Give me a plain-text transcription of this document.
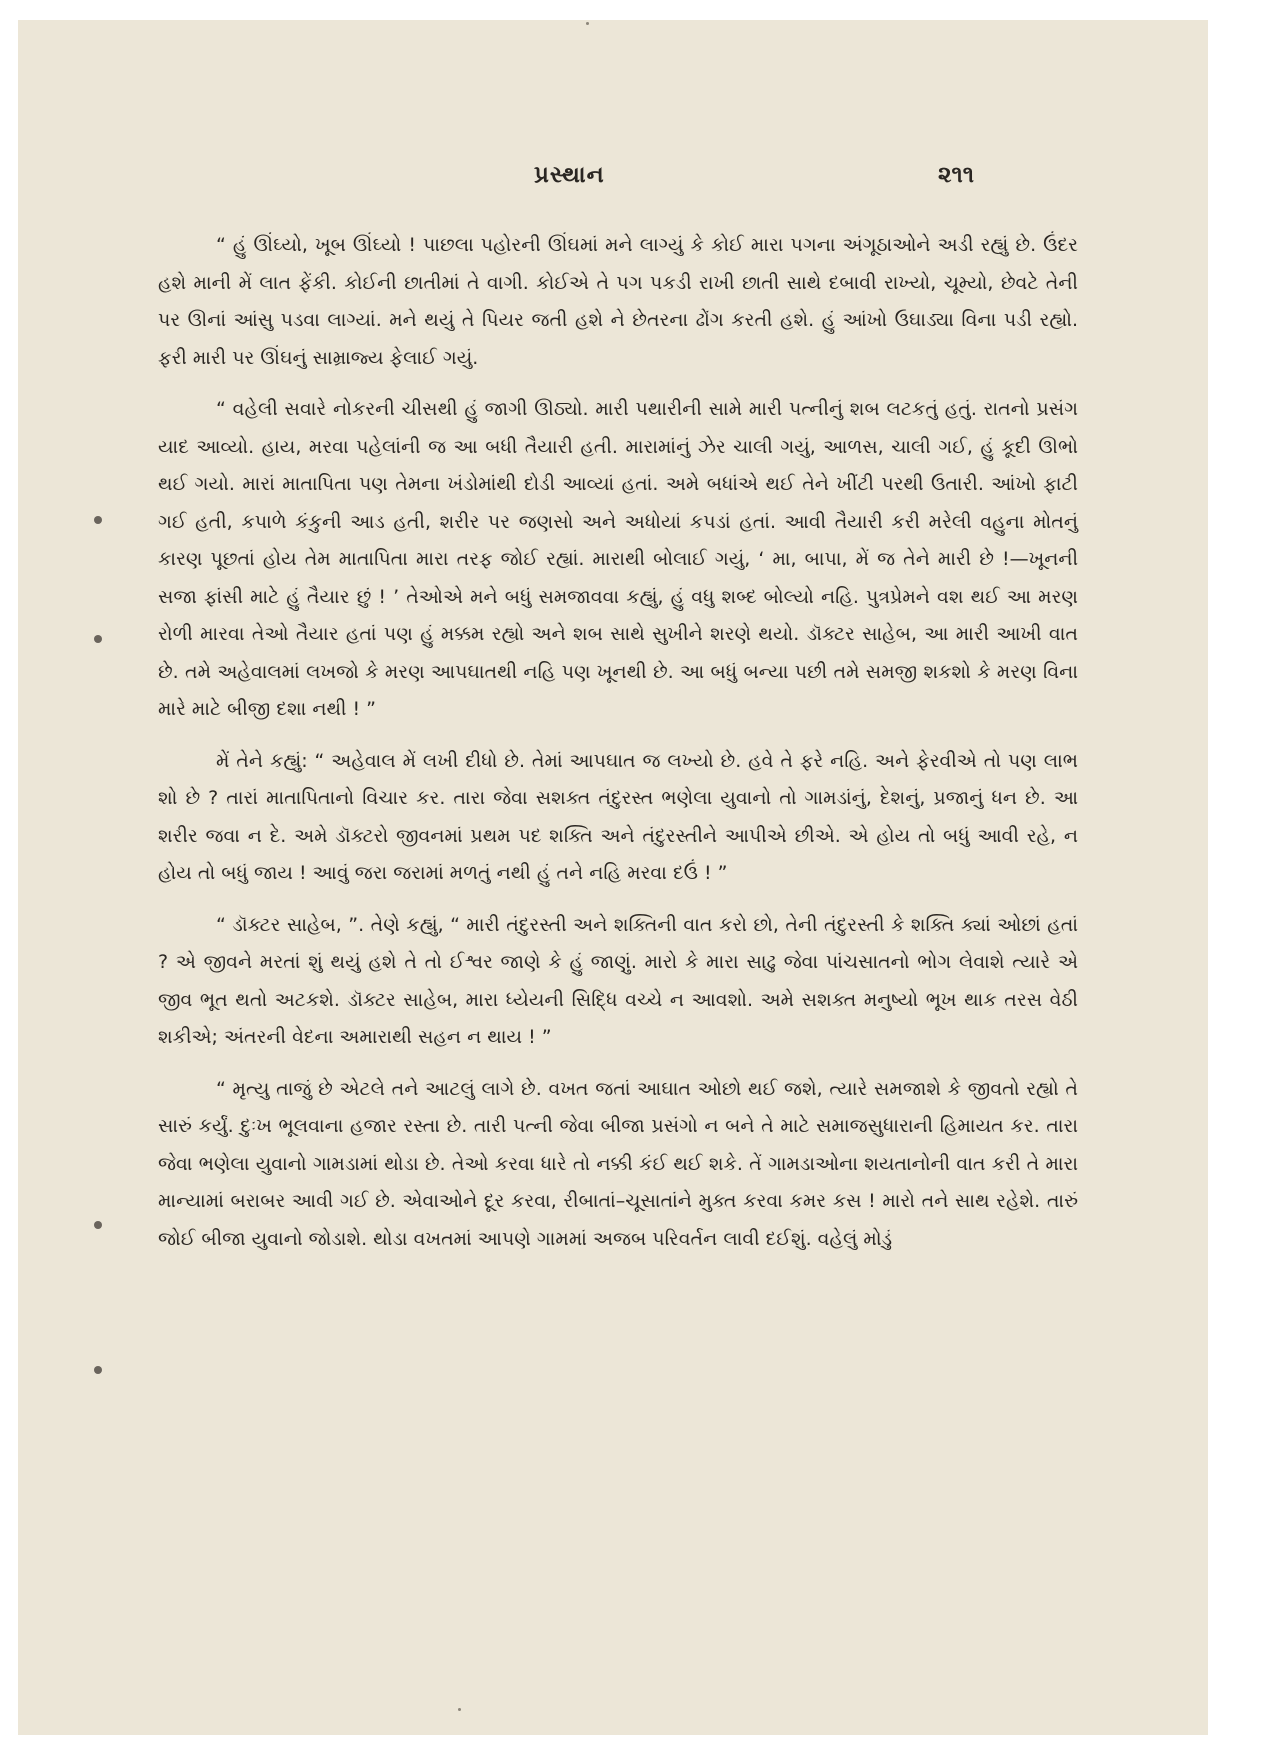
પ્રસ્થાન	૨૧૧

“ હું ઊંઘ્યો, ખૂબ ઊંઘ્યો ! પાછલા પહોરની ઊંઘમાં મને લાગ્યું કે કોઈ મારા પગના અંગૂઠાઓને અડી રહ્યું છે. ઉંદર હશે માની મેં લાત ફેંકી. કોઈની છાતીમાં તે વાગી. કોઈએ તે પગ પકડી રાખી છાતી સાથે દબાવી રાખ્યો, ચૂમ્યો, છેવટે તેની પર ઊનાં આંસુ પડવા લાગ્યાં. મને થયું તે પિયર જતી હશે ને છેતરના ઢોંગ કરતી હશે. હું આંખો ઉઘાડ્યા વિના પડી રહ્યો. ફરી મારી પર ઊંઘનું સામ્રાજ્ય ફેલાઈ ગયું.

“ વહેલી સવારે નોકરની ચીસથી હું જાગી ઊઠ્યો. મારી પથારીની સામે મારી પત્નીનું શબ લટકતું હતું. રાતનો પ્રસંગ યાદ આવ્યો. હાય, મરવા પહેલાંની જ આ બધી તૈયારી હતી. મારામાંનું ઝેર ચાલી ગયું, આળસ, ચાલી ગઈ, હું કૂદી ઊભો થઈ ગયો. મારાં માતાપિતા પણ તેમના ખંડોમાંથી દોડી આવ્યાં હતાં. અમે બધાંએ થઈ તેને ખીંટી પરથી ઉતારી. આંખો ફાટી ગઈ હતી, કપાળે કંકુની આડ હતી, શરીર પર જણસો અને અધોયાં કપડાં હતાં. આવી તૈયારી કરી મરેલી વહુના મોતનું કારણ પૂછતાં હોય તેમ માતાપિતા મારા તરફ જોઈ રહ્યાં. મારાથી બોલાઈ ગયું, ‘ મા, બાપા, મેં જ તેને મારી છે !—ખૂનની સજા ફાંસી માટે હું તૈયાર છું ! ’ તેઓએ મને બધું સમજાવવા કહ્યું, હું વધુ શબ્દ બોલ્યો નહિ. પુત્રપ્રેમને વશ થઈ આ મરણ રોળી મારવા તેઓ તૈયાર હતાં પણ હું મક્કમ રહ્યો અને શબ સાથે સુખીને શરણે થયો. ડૉક્ટર સાહેબ, આ મારી આખી વાત છે. તમે અહેવાલમાં લખજો કે મરણ આપઘાતથી નહિ પણ ખૂનથી છે. આ બધું બન્યા પછી તમે સમજી શકશો કે મરણ વિના મારે માટે બીજી દશા નથી ! ”

મેં તેને કહ્યું: “ અહેવાલ મેં લખી દીધો છે. તેમાં આપઘાત જ લખ્યો છે. હવે તે ફરે નહિ. અને ફેરવીએ તો પણ લાભ શો છે ? તારાં માતાપિતાનો વિચાર કર. તારા જેવા સશક્ત તંદુરસ્ત ભણેલા યુવાનો તો ગામડાંનું, દેશનું, પ્રજાનું ધન છે. આ શરીર જવા ન દે. અમે ડૉક્ટરો જીવનમાં પ્રથમ પદ શક્તિ અને તંદુરસ્તીને આપીએ છીએ. એ હોય તો બધું આવી રહે, ન હોય તો બધું જાય ! આવું જરા જરામાં મળતું નથી હું તને નહિ મરવા દઉં ! ”

“ ડૉક્ટર સાહેબ, ”. તેણે કહ્યું, “ મારી તંદુરસ્તી અને શક્તિની વાત કરો છો, તેની તંદુરસ્તી કે શક્તિ ક્યાં ઓછાં હતાં ? એ જીવને મરતાં શું થયું હશે તે તો ઈશ્વર જાણે કે હું જાણું. મારો કે મારા સાઢુ જેવા પાંચસાતનો ભોગ લેવાશે ત્યારે એ જીવ ભૂત થતો અટકશે. ડૉક્ટર સાહેબ, મારા ધ્યેયની સિદ્ધિ વચ્ચે ન આવશો. અમે સશક્ત મનુષ્યો ભૂખ થાક તરસ વેઠી શકીએ; અંતરની વેદના અમારાથી સહન ન થાય ! ”

“ મૃત્યુ તાજું છે એટલે તને આટલું લાગે છે. વખત જતાં આઘાત ઓછો થઈ જશે, ત્યારે સમજાશે કે જીવતો રહ્યો તે સારું કર્યું. દુઃખ ભૂલવાના હજાર રસ્તા છે. તારી પત્ની જેવા બીજા પ્રસંગો ન બને તે માટે સમાજસુધારાની હિમાયત કર. તારા જેવા ભણેલા યુવાનો ગામડામાં થોડા છે. તેઓ કરવા ધારે તો નક્કી કંઈ થઈ શકે. તેં ગામડાઓના શયતાનોની વાત કરી તે મારા માન્યામાં બરાબર આવી ગઈ છે. એવાઓને દૂર કરવા, રીબાતાં–ચૂસાતાંને મુક્ત કરવા કમર કસ ! મારો તને સાથ રહેશે. તારું જોઈ બીજા યુવાનો જોડાશે. થોડા વખતમાં આપણે ગામમાં અજબ પરિવર્તન લાવી દઈશું. વહેલું મોડું
